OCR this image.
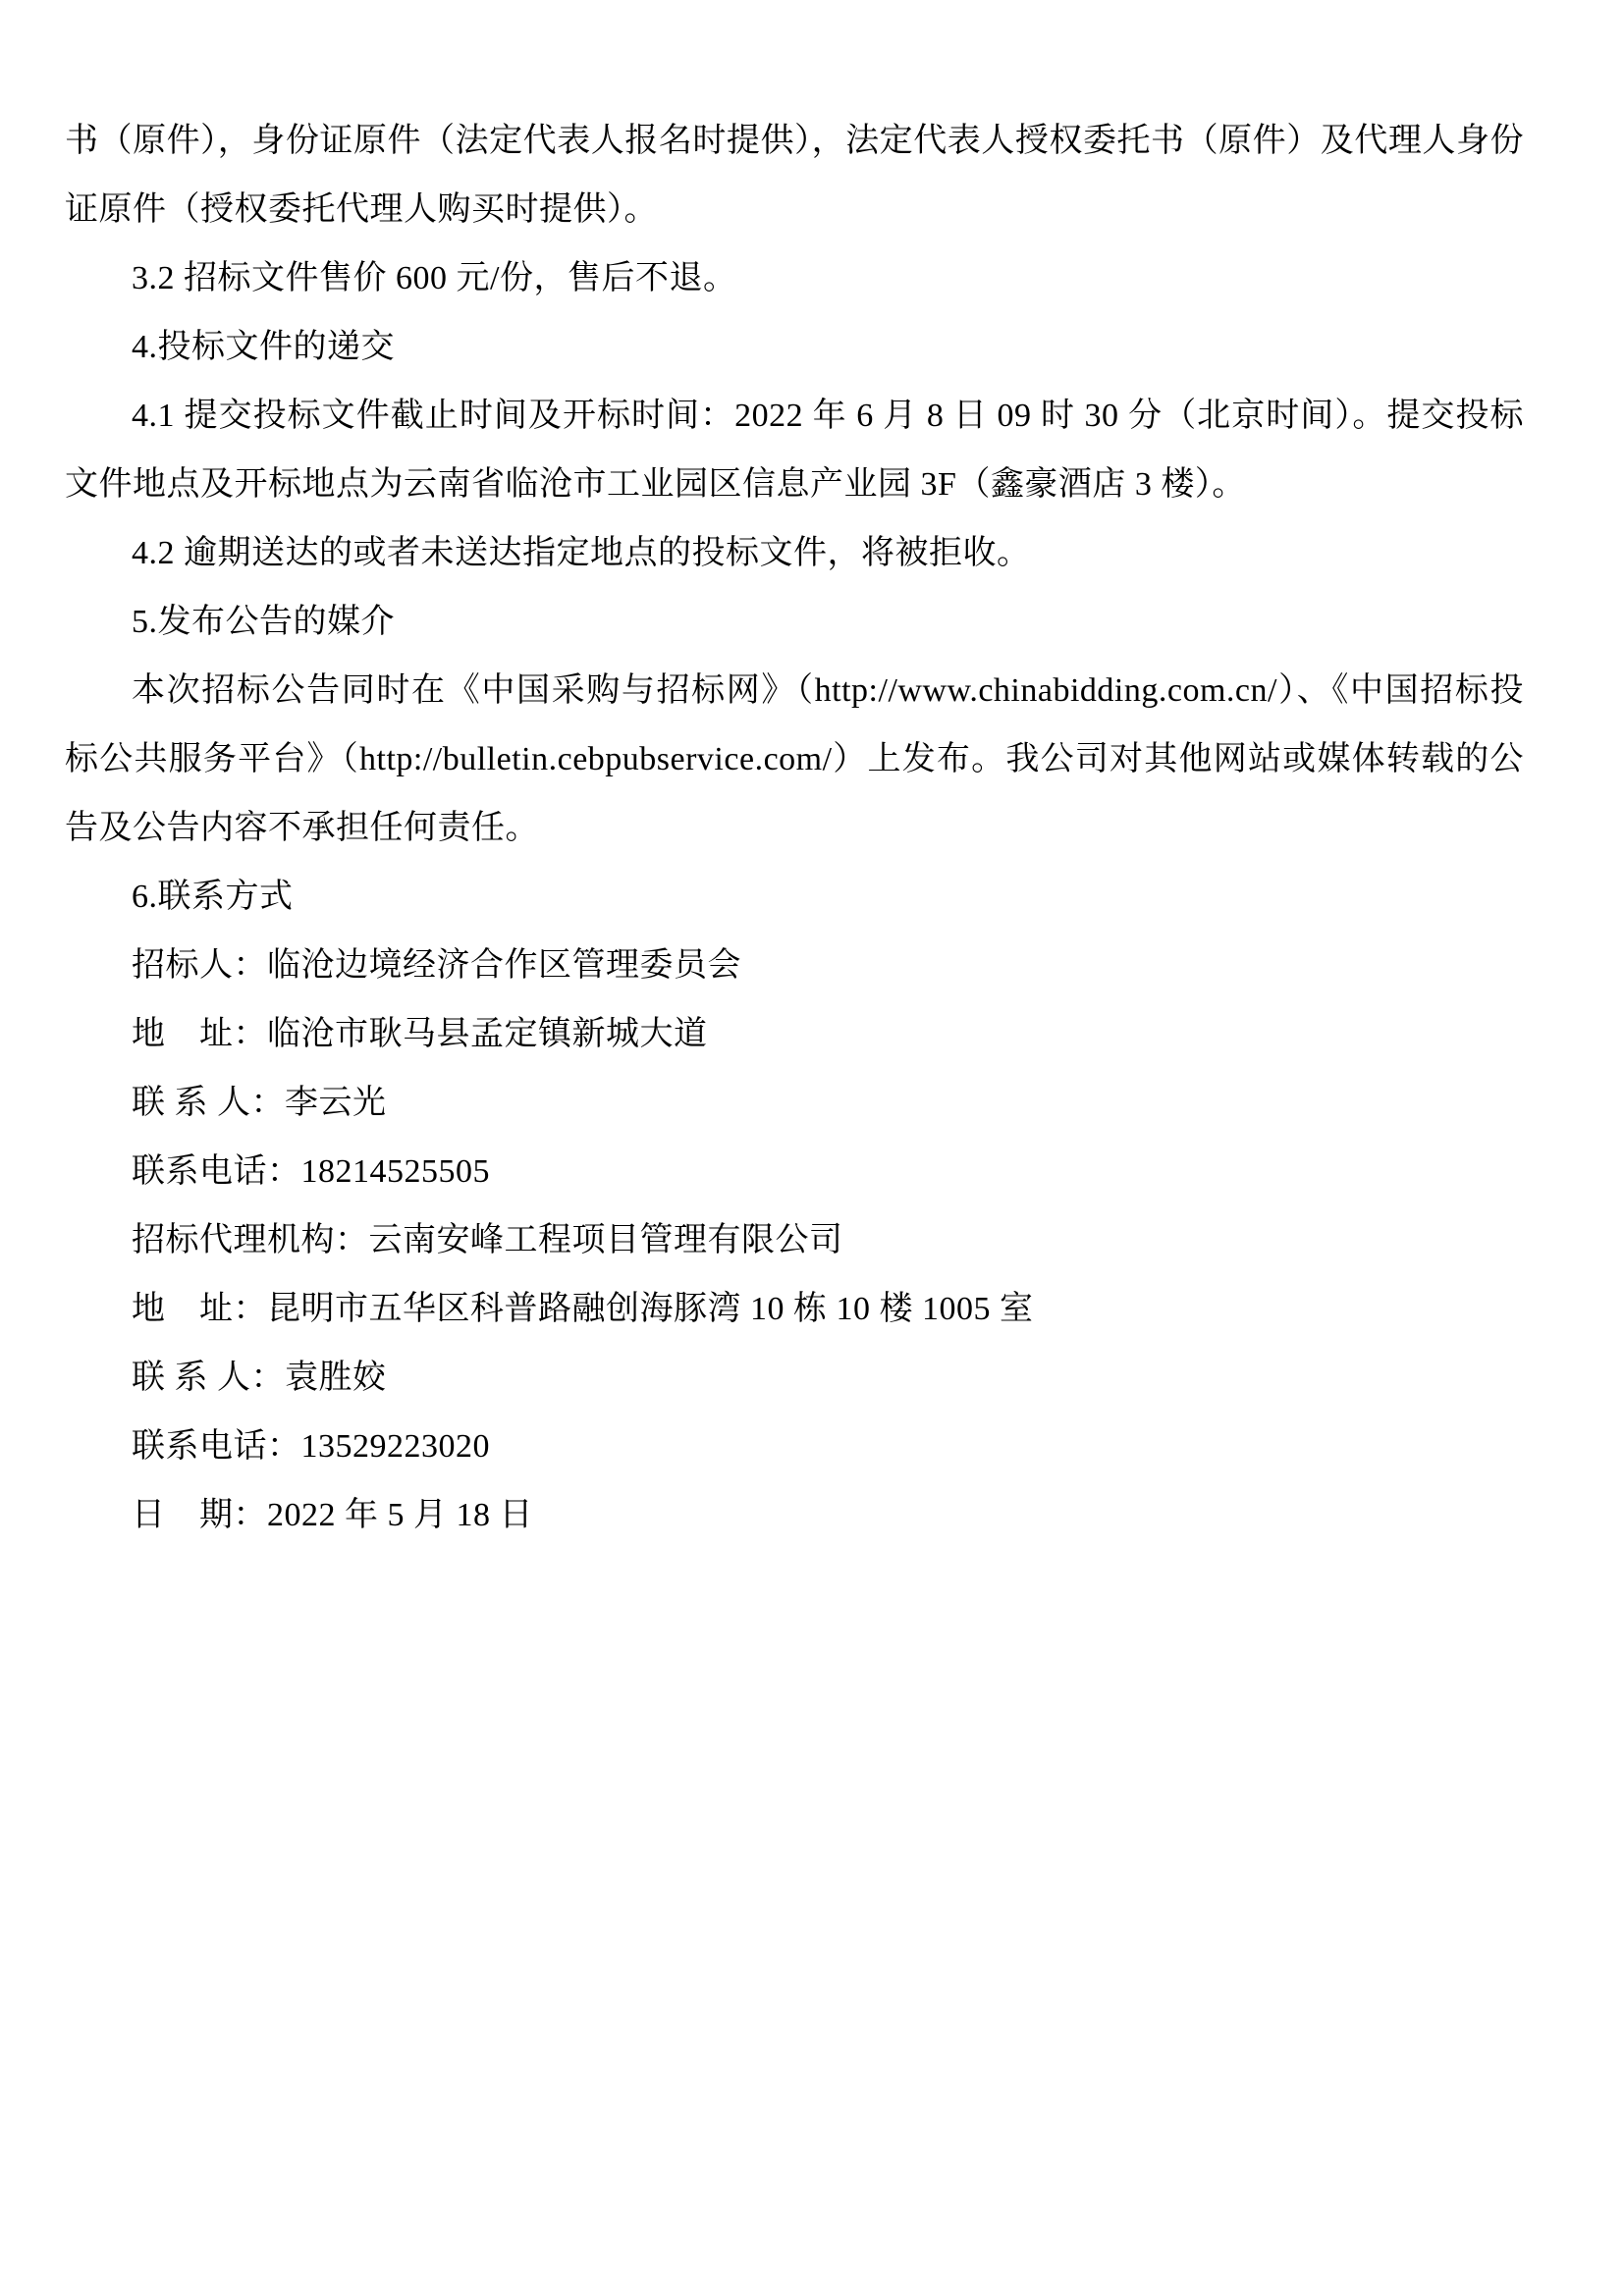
书（原件），身份证原件（法定代表人报名时提供），法定代表人授权委托书（原件）及代理人身份证原件（授权委托代理人购买时提供）。

3.2 招标文件售价 600 元/份，售后不退。

4.投标文件的递交

4.1 提交投标文件截止时间及开标时间：2022 年 6 月 8 日 09 时 30 分（北京时间）。提交投标文件地点及开标地点为云南省临沧市工业园区信息产业园 3F（鑫豪酒店 3 楼）。

4.2 逾期送达的或者未送达指定地点的投标文件，将被拒收。

5.发布公告的媒介

本次招标公告同时在《中国采购与招标网》（http://www.chinabidding.com.cn/）、《中国招标投标公共服务平台》（http://bulletin.cebpubservice.com/）上发布。我公司对其他网站或媒体转载的公告及公告内容不承担任何责任。

6.联系方式

招标人：临沧边境经济合作区管理委员会

地　址：临沧市耿马县孟定镇新城大道

联 系 人：李云光

联系电话：18214525505

招标代理机构：云南安峰工程项目管理有限公司

地　址：昆明市五华区科普路融创海豚湾 10 栋 10 楼 1005 室

联 系 人：袁胜姣

联系电话：13529223020

日　期：2022 年 5 月 18 日
